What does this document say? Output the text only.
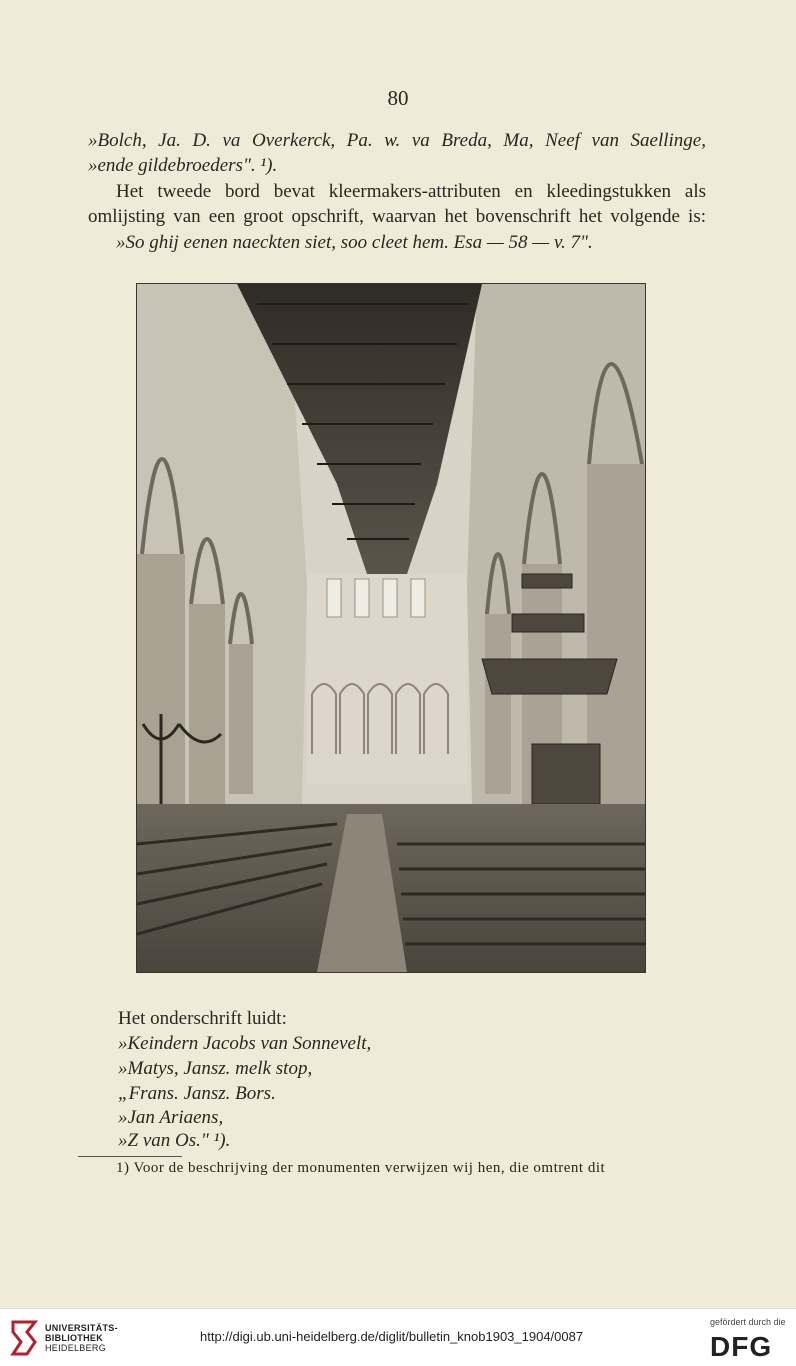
80
»Bolch, Ja. D. va Overkerck, Pa. w. va Breda, Ma, Neef van Saellinge,
»ende gildebroeders". ¹).
Het tweede bord bevat kleermakers-attributen en kleedingstukken als
omlijsting van een groot opschrift, waarvan het bovenschrift het volgende is:
»So ghij eenen naeckten siet, soo cleet hem. Esa — 58 — v. 7".
Het onderschrift luidt:
»Keindern Jacobs van Sonnevelt,
»Matys, Jansz. melk stop,
„Frans. Jansz. Bors.
»Jan Ariaens,
»Z van Os." ¹).
1) Voor de beschrijving der monumenten verwijzen wij hen, die omtrent dit
UNIVERSITÄTS-
BIBLIOTHEK
HEIDELBERG
http://digi.ub.uni-heidelberg.de/diglit/bulletin_knob1903_1904/0087
gefördert durch die
DFG
